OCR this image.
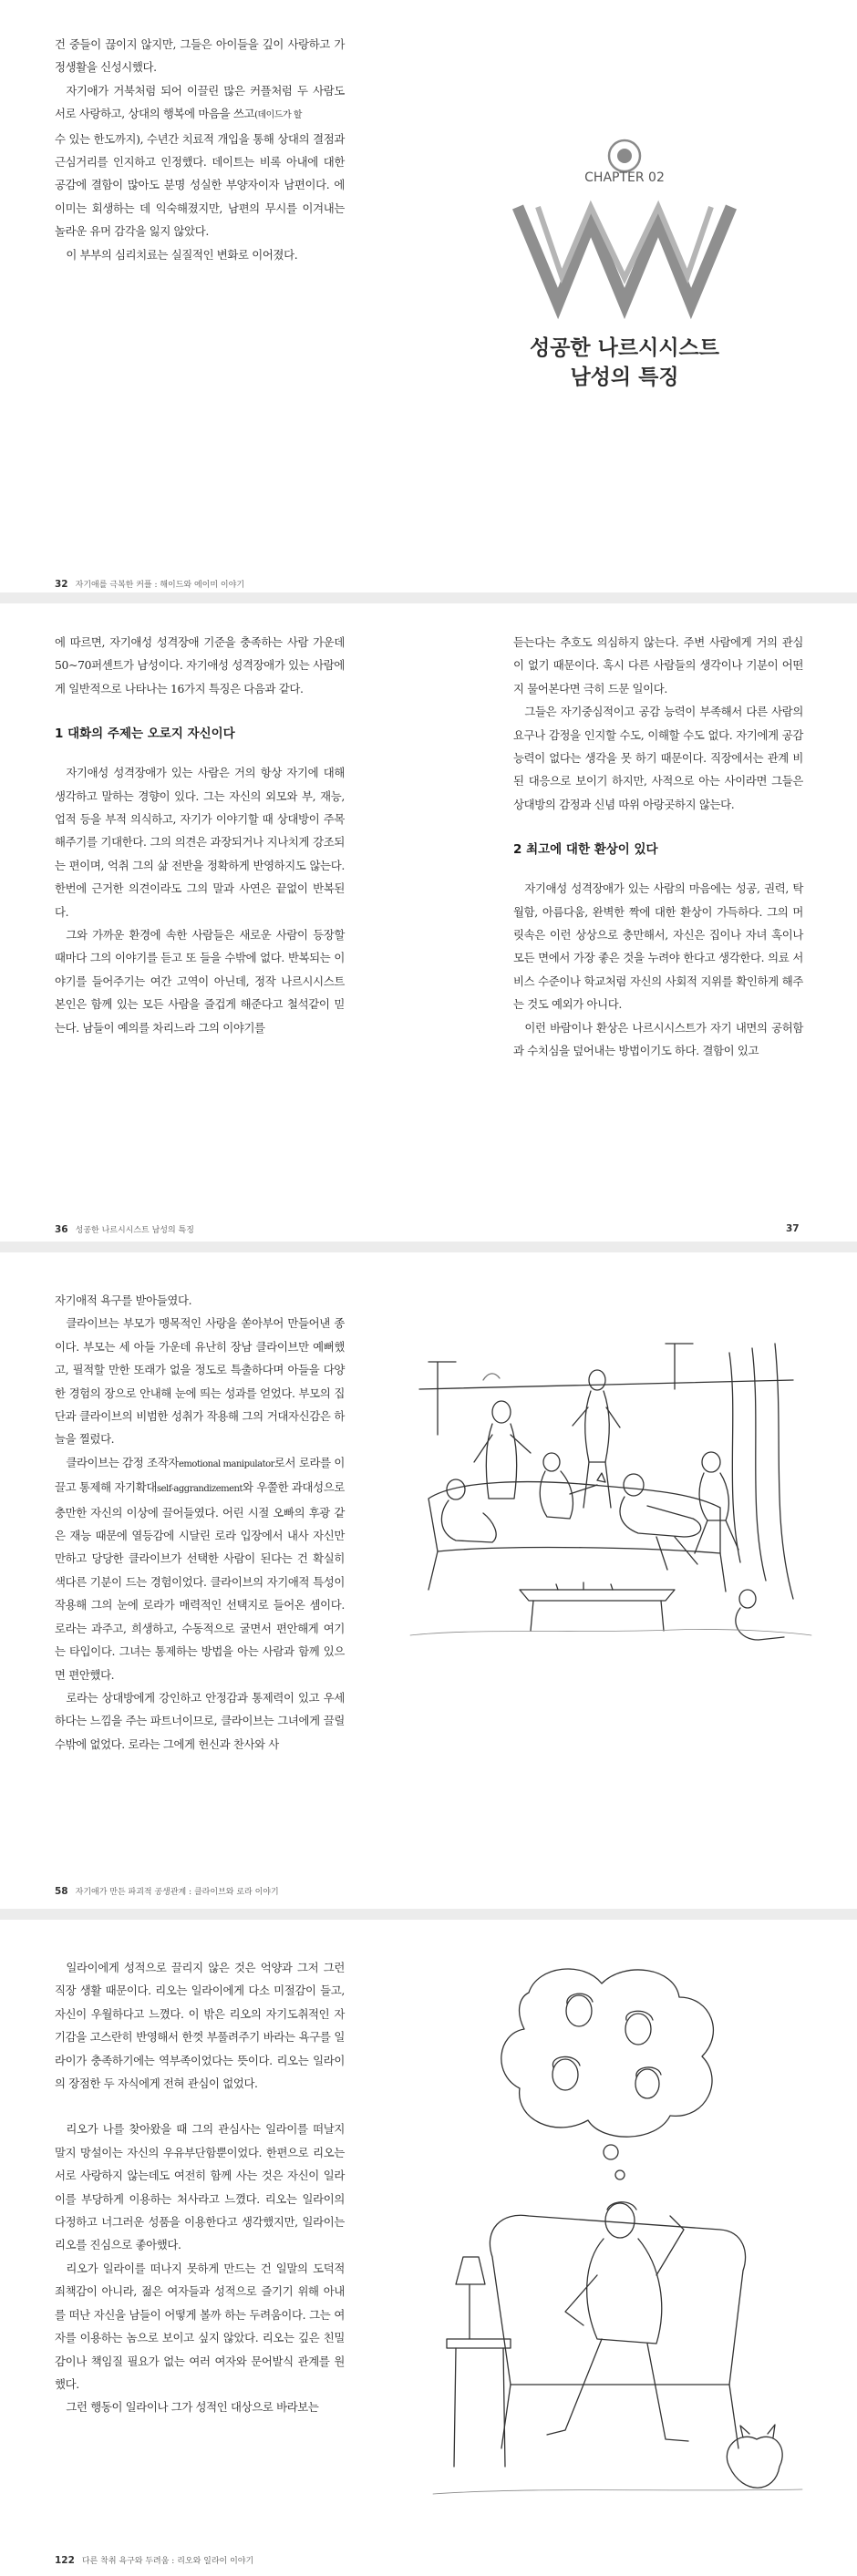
건 중들이 끊이지 않지만, 그들은 아이들을 깊이 사랑하고 가정생활을 신성시했다.

자기애가 거북처럼 되어 이끌린 많은 커플처럼 두 사람도 서로 사랑하고, 상대의 행복에 마음을 쓰고(데이드가 할

수 있는 한도까지), 수년간 치료적 개입을 통해 상대의 결점과 근심거리를 인지하고 인정했다. 데이트는 비록 아내에 대한 공감에 결함이 많아도 분명 성실한 부양자이자 남편이다. 에이미는 회생하는 데 익숙해졌지만, 남편의 무시를 이겨내는 놀라운 유머 감각을 잃지 않았다.

이 부부의 심리치료는 실질적인 변화로 이어졌다.

CHAPTER 02
성공한 나르시시스트
남성의 특징
32 자기애를 극복한 커플 : 해이드와 에이미 이야기

에 따르면, 자기애성 성격장애 기준을 충족하는 사람 가운데 50~70퍼센트가 남성이다. 자기애성 성격장애가 있는 사람에게 일반적으로 나타나는 16가지 특징은 다음과 같다.

1 대화의 주제는 오로지 자신이다

자기애성 성격장애가 있는 사람은 거의 항상 자기에 대해 생각하고 말하는 경향이 있다. 그는 자신의 외모와 부, 재능, 업적 등을 부적 의식하고, 자기가 이야기할 때 상대방이 주목해주기를 기대한다. 그의 의견은 과장되거나 지나치게 강조되는 편이며, 억취 그의 삶 전반을 정확하게 반영하지도 않는다. 한번에 근거한 의견이라도 그의 말과 사연은 끝없이 반복된다.

그와 가까운 환경에 속한 사람들은 새로운 사람이 등장할 때마다 그의 이야기를 듣고 또 들을 수밖에 없다. 반복되는 이야기를 들어주기는 여간 고역이 아닌데, 정작 나르시시스트 본인은 함께 있는 모든 사람을 즐겁게 해준다고 철석같이 믿는다. 남들이 예의를 차리느라 그의 이야기를

듣는다는 추호도 의심하지 않는다. 주변 사람에게 거의 관심이 없기 때문이다. 혹시 다른 사람들의 생각이나 기분이 어떤지 물어본다면 극히 드문 일이다.

그들은 자기중심적이고 공감 능력이 부족해서 다른 사람의 요구나 감정을 인지할 수도, 이해할 수도 없다. 자기에게 공감 능력이 없다는 생각을 못 하기 때문이다. 직장에서는 관계 비된 대응으로 보이기 하지만, 사적으로 아는 사이라면 그들은 상대방의 감정과 신념 따위 아랑곳하지 않는다.

2 최고에 대한 환상이 있다

자기애성 성격장애가 있는 사람의 마음에는 성공, 권력, 탁월함, 아름다움, 완벽한 짝에 대한 환상이 가득하다. 그의 머릿속은 이런 상상으로 충만해서, 자신은 집이나 자녀 혹이나 모든 면에서 가장 좋은 것을 누려야 한다고 생각한다. 의료 서비스 수준이나 학교처럼 자신의 사회적 지위를 확인하게 해주는 것도 예외가 아니다.

이런 바람이나 환상은 나르시시스트가 자기 내면의 공허함과 수치심을 덮어내는 방법이기도 하다. 결함이 있고

36 성공한 나르시시스트 남성의 특징	37

자기애적 욕구를 받아들였다.

클라이브는 부모가 맹목적인 사랑을 쏟아부어 만들어낸 종이다. 부모는 세 아들 가운데 유난히 장남 클라이브만 예뻐했고, 필적할 만한 또래가 없을 정도로 특출하다며 아들을 다양한 경험의 장으로 안내해 눈에 띄는 성과를 얻었다. 부모의 집단과 클라이브의 비범한 성취가 작용해 그의 거대자신감은 하늘을 찔렀다.

클라이브는 감정 조작자emotional manipulator로서 로라를 이끌고 통제해 자기확대self-aggrandizement와 우쭐한 과대성으로 충만한 자신의 이상에 끌어들였다. 어린 시절 오빠의 후광 같은 재능 때문에 열등감에 시달린 로라 입장에서 내사 자신만만하고 당당한 클라이브가 선택한 사람이 된다는 건 확실히 색다른 기분이 드는 경험이었다. 클라이브의 자기애적 특성이 작용해 그의 눈에 로라가 매력적인 선택지로 들어온 셈이다. 로라는 과주고, 희생하고, 수동적으로 굴면서 편안해게 여기는 타입이다. 그녀는 통제하는 방법을 아는 사람과 함께 있으면 편안했다.

로라는 상대방에게 강인하고 안정감과 통제력이 있고 우세하다는 느낌을 주는 파트너이므로, 클라이브는 그녀에게 끌릴 수밖에 없었다. 로라는 그에게 헌신과 찬사와 사

58 자기애가 만든 파괴적 공생관계 : 클라이브와 로라 이야기

일라이에게 성적으로 끌리지 않은 것은 억양과 그저 그런 직장 생활 때문이다. 리오는 일라이에게 다소 미절감이 들고, 자신이 우월하다고 느꼈다. 이 밖은 리오의 자기도취적인 자기감을 고스란히 반영해서 한껏 부풀려주기 바라는 욕구를 일라이가 충족하기에는 역부족이었다는 뜻이다. 리오는 일라이의 장점한 두 자식에게 전혀 관심이 없었다.

리오가 나를 찾아왔을 때 그의 관심사는 일라이를 떠날지 말지 망설이는 자신의 우유부단함뿐이었다. 한편으로 리오는 서로 사랑하지 않는데도 여전히 함께 사는 것은 자신이 일라이를 부당하게 이용하는 처사라고 느꼈다. 리오는 일라이의 다정하고 너그러운 성품을 이용한다고 생각했지만, 일라이는 리오를 진심으로 좋아했다.

리오가 일라이를 떠나지 못하게 만드는 건 일말의 도덕적 죄책감이 아니라, 젊은 여자들과 성적으로 즐기기 위해 아내를 떠난 자신을 남들이 어떻게 볼까 하는 두려움이다. 그는 여자를 이용하는 놈으로 보이고 싶지 않았다. 리오는 깊은 친밀감이나 책임질 필요가 없는 여러 여자와 문어발식 관계를 원했다.

그런 행동이 일라이나 그가 성적인 대상으로 바라보는

122 다른 착취 욕구와 두려움 : 리오와 일라이 이야기
